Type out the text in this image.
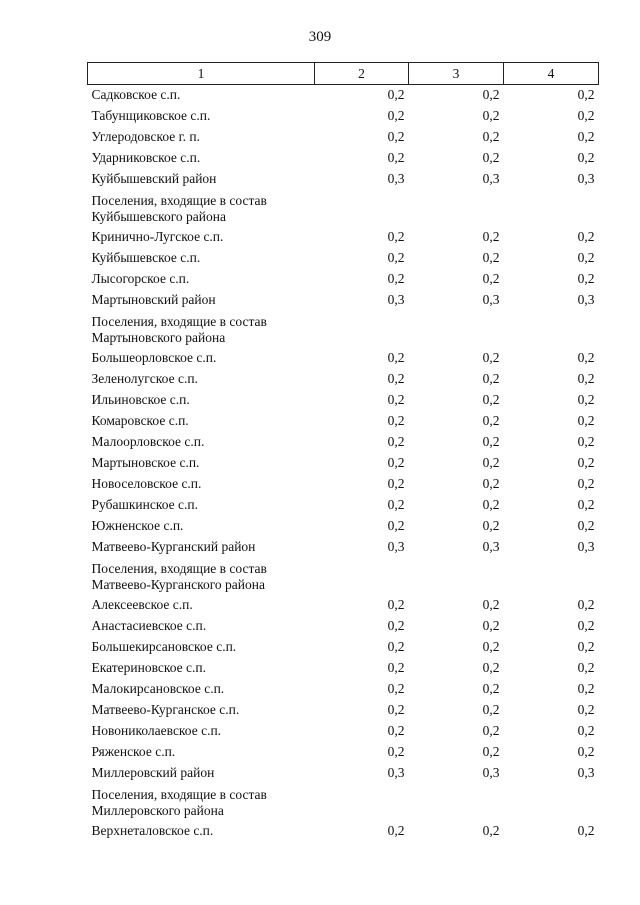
309
1	2	3	4
Садковское с.п.	0,2	0,2	0,2
Табунщиковское с.п.	0,2	0,2	0,2
Углеродовское г. п.	0,2	0,2	0,2
Ударниковское с.п.	0,2	0,2	0,2
Куйбышевский район	0,3	0,3	0,3
Поселения, входящие в состав Куйбышевского района			
Кринично-Лугское с.п.	0,2	0,2	0,2
Куйбышевское с.п.	0,2	0,2	0,2
Лысогорское с.п.	0,2	0,2	0,2
Мартыновский район	0,3	0,3	0,3
Поселения, входящие в состав Мартыновского района			
Большеорловское с.п.	0,2	0,2	0,2
Зеленолугское с.п.	0,2	0,2	0,2
Ильиновское с.п.	0,2	0,2	0,2
Комаровское с.п.	0,2	0,2	0,2
Малоорловское с.п.	0,2	0,2	0,2
Мартыновское с.п.	0,2	0,2	0,2
Новоселовское с.п.	0,2	0,2	0,2
Рубашкинское с.п.	0,2	0,2	0,2
Южненское с.п.	0,2	0,2	0,2
Матвеево-Курганский район	0,3	0,3	0,3
Поселения, входящие в состав Матвеево-Курганского района			
Алексеевское с.п.	0,2	0,2	0,2
Анастасиевское с.п.	0,2	0,2	0,2
Большекирсановское с.п.	0,2	0,2	0,2
Екатериновское с.п.	0,2	0,2	0,2
Малокирсановское с.п.	0,2	0,2	0,2
Матвеево-Курганское с.п.	0,2	0,2	0,2
Новониколаевское с.п.	0,2	0,2	0,2
Ряженское с.п.	0,2	0,2	0,2
Миллеровский район	0,3	0,3	0,3
Поселения, входящие в состав Миллеровского района			
Верхнеталовское с.п.	0,2	0,2	0,2
